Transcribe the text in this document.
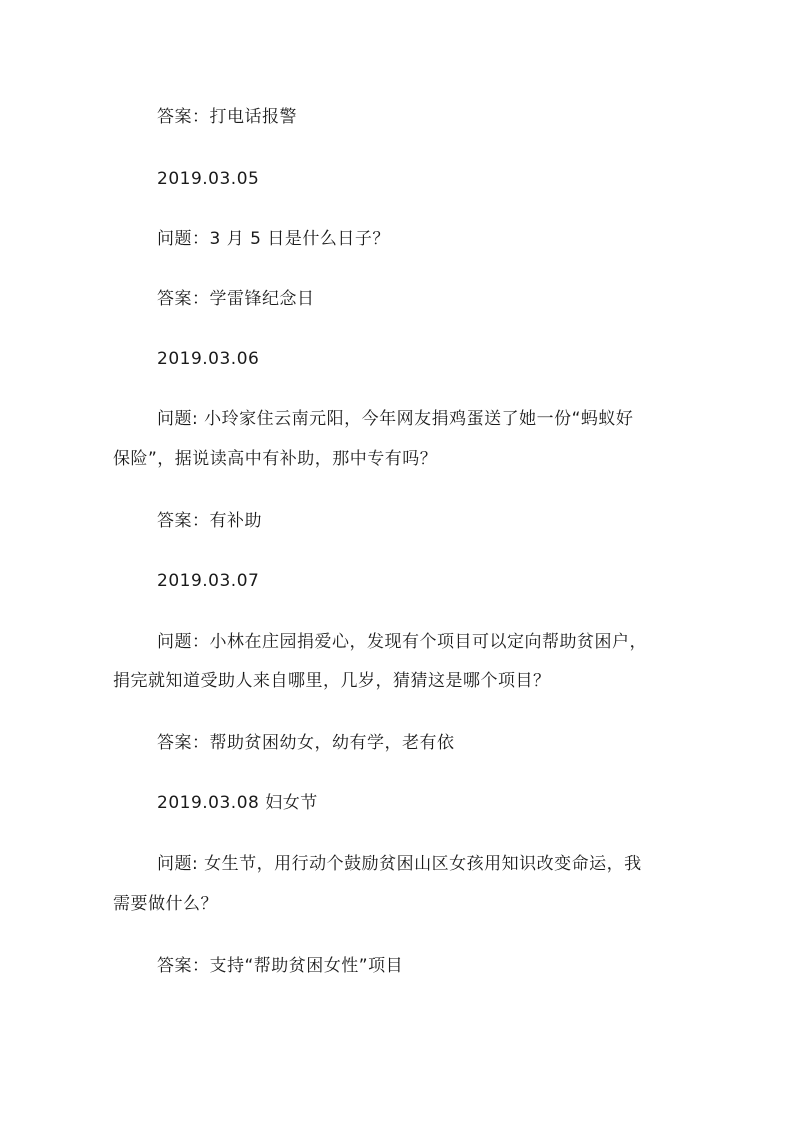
答案：打电话报警
2019.03.05
问题：3 月 5 日是什么日子？
答案：学雷锋纪念日
2019.03.06
问题: 小玲家住云南元阳，今年网友捐鸡蛋送了她一份“蚂蚁好
保险”，据说读高中有补助，那中专有吗？
答案：有补助
2019.03.07
问题：小林在庄园捐爱心，发现有个项目可以定向帮助贫困户，
捐完就知道受助人来自哪里，几岁，猜猜这是哪个项目？
答案：帮助贫困幼女，幼有学，老有依
2019.03.08 妇女节
问题: 女生节，用行动个鼓励贫困山区女孩用知识改变命运，我
需要做什么？
答案：支持“帮助贫困女性”项目
